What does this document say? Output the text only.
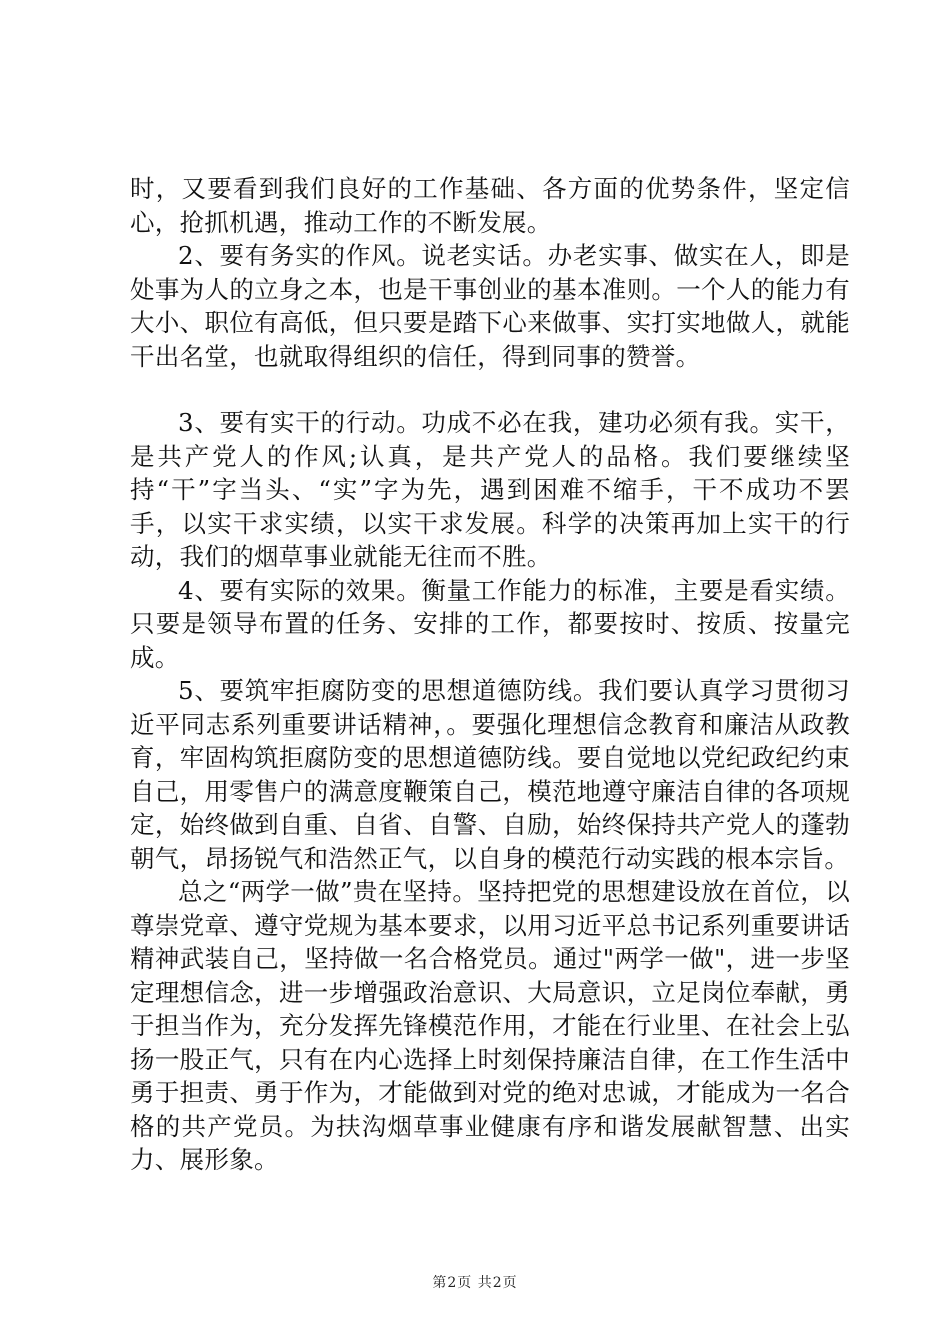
时，又要看到我们良好的工作基础、各方面的优势条件，坚定信心，抢抓机遇，推动工作的不断发展。

2、要有务实的作风。说老实话。办老实事、做实在人，即是处事为人的立身之本，也是干事创业的基本准则。一个人的能力有大小、职位有高低，但只要是踏下心来做事、实打实地做人，就能干出名堂，也就取得组织的信任，得到同事的赞誉。

3、要有实干的行动。功成不必在我，建功必须有我。实干，是共产党人的作风;认真，是共产党人的品格。我们要继续坚持“干”字当头、“实”字为先，遇到困难不缩手，干不成功不罢手，以实干求实绩，以实干求发展。科学的决策再加上实干的行动，我们的烟草事业就能无往而不胜。

4、要有实际的效果。衡量工作能力的标准，主要是看实绩。只要是领导布置的任务、安排的工作，都要按时、按质、按量完成。

5、要筑牢拒腐防变的思想道德防线。我们要认真学习贯彻习近平同志系列重要讲话精神，。要强化理想信念教育和廉洁从政教育，牢固构筑拒腐防变的思想道德防线。要自觉地以党纪政纪约束自己，用零售户的满意度鞭策自己，模范地遵守廉洁自律的各项规定，始终做到自重、自省、自警、自励，始终保持共产党人的蓬勃朝气，昂扬锐气和浩然正气，以自身的模范行动实践的根本宗旨。

总之“两学一做”贵在坚持。坚持把党的思想建设放在首位，以尊崇党章、遵守党规为基本要求，以用习近平总书记系列重要讲话精神武装自己，坚持做一名合格党员。通过"两学一做"，进一步坚定理想信念，进一步增强政治意识、大局意识，立足岗位奉献，勇于担当作为，充分发挥先锋模范作用，才能在行业里、在社会上弘扬一股正气，只有在内心选择上时刻保持廉洁自律，在工作生活中勇于担责、勇于作为，才能做到对党的绝对忠诚，才能成为一名合格的共产党员。为扶沟烟草事业健康有序和谐发展献智慧、出实力、展形象。

第2页 共2页
